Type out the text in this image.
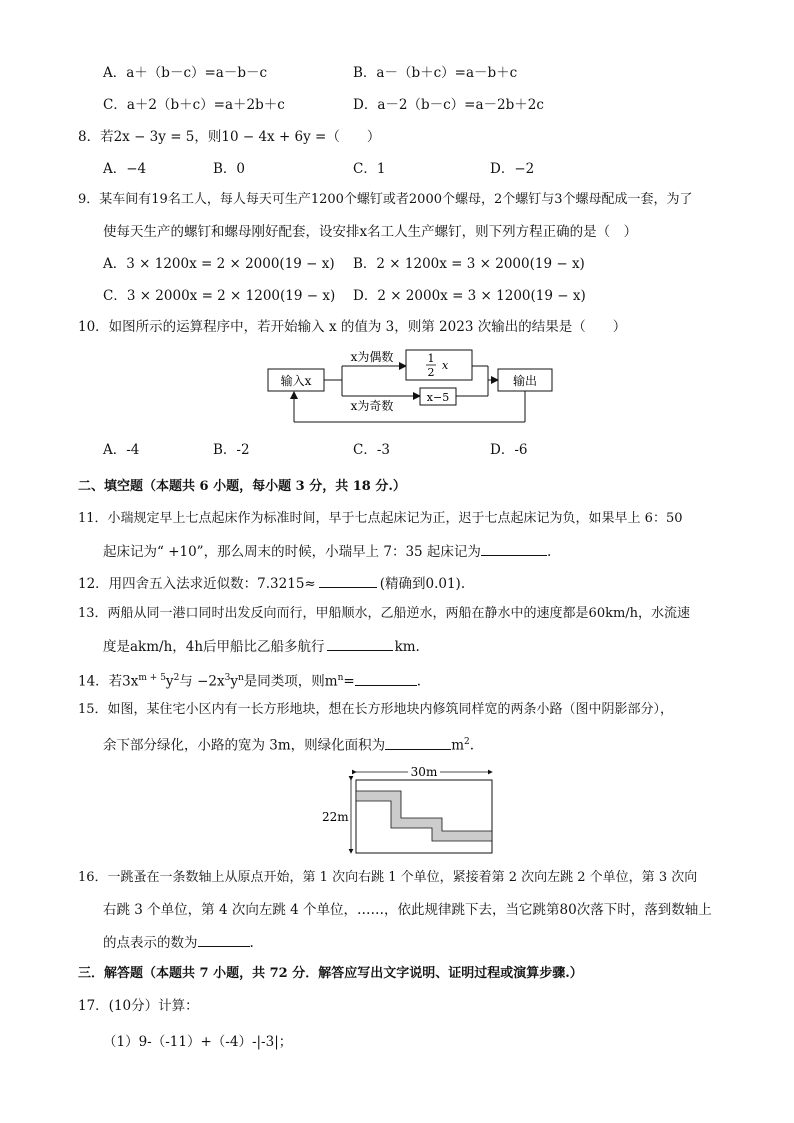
A．a＋（b－c）=a－b－c	B．a－（b＋c）=a－b＋c
C．a＋2（b＋c）=a＋2b＋c	D．a－2（b－c）=a－2b＋2c
8．若2x − 3y = 5，则10 − 4x + 6y =（　　）
A．−4	B．0	C．1	D．−2
9．某车间有19名工人，每人每天可生产1200个螺钉或者2000个螺母，2个螺钉与3个螺母配成一套，为了
使每天生产的螺钉和螺母刚好配套，设安排x名工人生产螺钉，则下列方程正确的是（　）
A．3 × 1200x = 2 × 2000(19 − x) B．2 × 1200x = 3 × 2000(19 − x)
C．3 × 2000x = 2 × 1200(19 − x) D．2 × 2000x = 3 × 1200(19 − x)
10．如图所示的运算程序中，若开始输入 x 的值为 3，则第 2023 次输出的结果是（　　）
输入x
x为偶数
x为奇数
1
2
x
x−5
输出
A．-4	B．-2	C．-3	D．-6
二、填空题（本题共 6 小题，每小题 3 分，共 18 分.）
11．小瑞规定早上七点起床作为标准时间，早于七点起床记为正，迟于七点起床记为负，如果早上 6：50
起床记为“ +10”，那么周末的时候，小瑞早上 7：35 起床记为	.
12．用四舍五入法求近似数：7.3215≈	(精确到0.01).
13．两船从同一港口同时出发反向而行，甲船顺水，乙船逆水，两船在静水中的速度都是60km/h，水流速
度是akm/h，4h后甲船比乙船多航行	km.
14．若$3x^{m + 5}y^2$与 $-2x^3y^n$是同类项，则$m^n=$	.
15．如图，某住宅小区内有一长方形地块，想在长方形地块内修筑同样宽的两条小路（图中阴影部分），
余下部分绿化，小路的宽为 3m，则绿化面积为	$m^2$.
30m
22m
16．一跳蚤在一条数轴上从原点开始，第 1 次向右跳 1 个单位，紧接着第 2 次向左跳 2 个单位，第 3 次向
右跳 3 个单位，第 4 次向左跳 4 个单位，……，依此规律跳下去，当它跳第80次落下时，落到数轴上
的点表示的数为	.
三．解答题（本题共 7 小题，共 72 分．解答应写出文字说明、证明过程或演算步骤.）
17．(10分）计算：
（1）9-（-11）+（-4）-|-3|；
